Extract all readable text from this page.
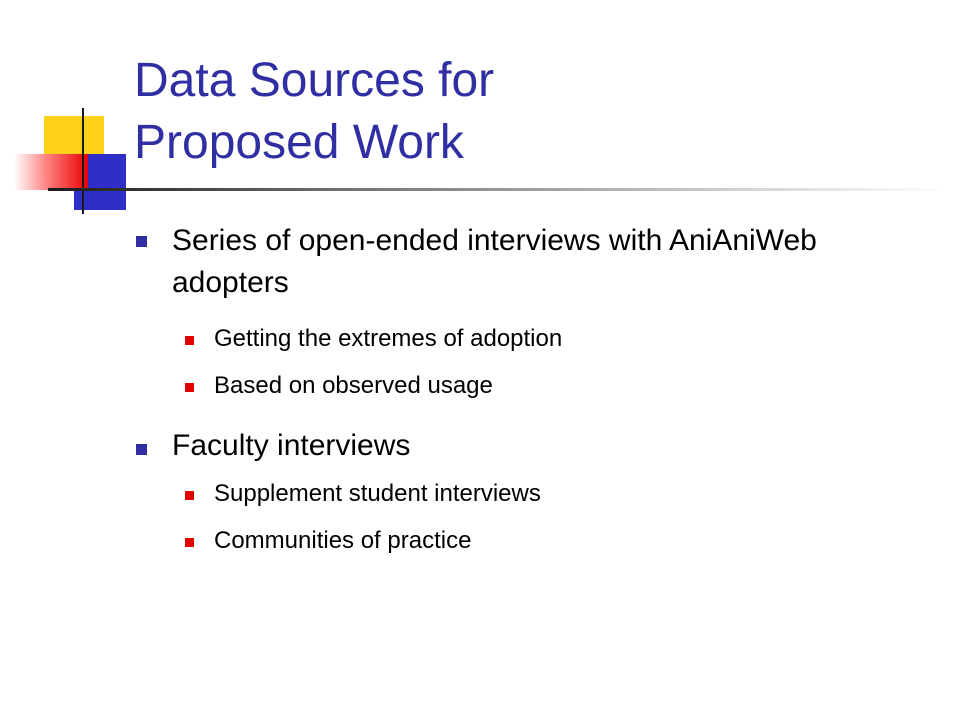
Data Sources for
Proposed Work
Series of open-ended interviews with AniAniWeb adopters
Getting the extremes of adoption
Based on observed usage
Faculty interviews
Supplement student interviews
Communities of practice
